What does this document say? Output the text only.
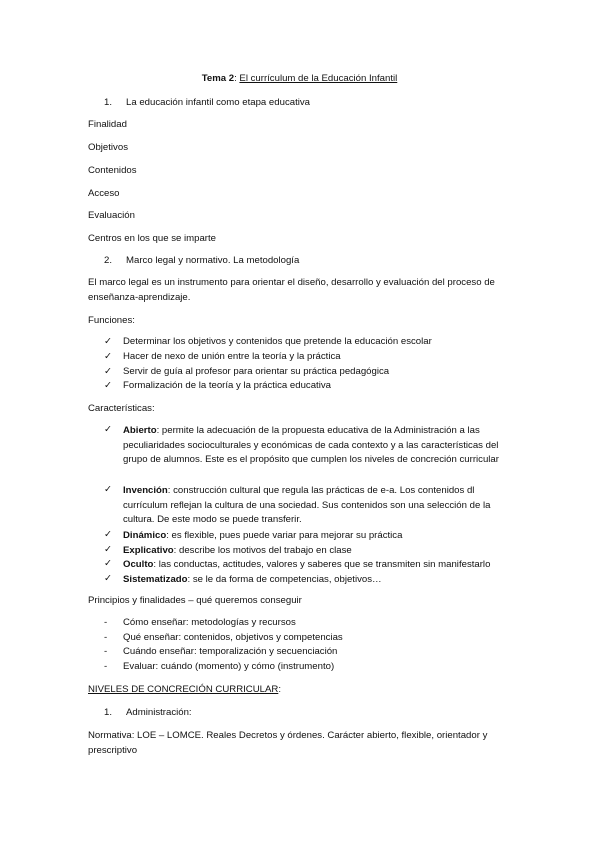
Tema 2: El currículum de la Educación Infantil
1. La educación infantil como etapa educativa
Finalidad
Objetivos
Contenidos
Acceso
Evaluación
Centros en los que se imparte
2. Marco legal y normativo. La metodología
El marco legal es un instrumento para orientar el diseño, desarrollo y evaluación del proceso de enseñanza-aprendizaje.
Funciones:
✓	Determinar los objetivos y contenidos que pretende la educación escolar
✓	Hacer de nexo de unión entre la teoría y la práctica
✓	Servir de guía al profesor para orientar su práctica pedagógica
✓	Formalización de la teoría y la práctica educativa
Características:
✓	Abierto: permite la adecuación de la propuesta educativa de la Administración a las peculiaridades socioculturales y económicas de cada contexto y a las características del grupo de alumnos. Este es el propósito que cumplen los niveles de concreción curricular
✓	Invención: construcción cultural que regula las prácticas de e-a. Los contenidos dl currículum reflejan la cultura de una sociedad. Sus contenidos son una selección de la cultura. De este modo se puede transferir.
✓	Dinámico: es flexible, pues puede variar para mejorar su práctica
✓	Explicativo: describe los motivos del trabajo en clase
✓	Oculto: las conductas, actitudes, valores y saberes que se transmiten sin manifestarlo
✓	Sistematizado: se le da forma de competencias, objetivos…
Principios y finalidades – qué queremos conseguir
- Cómo enseñar: metodologías y recursos
- Qué enseñar: contenidos, objetivos y competencias
- Cuándo enseñar: temporalización y secuenciación
- Evaluar: cuándo (momento) y cómo (instrumento)
NIVELES DE CONCRECIÓN CURRICULAR:
1. Administración:
Normativa: LOE – LOMCE. Reales Decretos y órdenes. Carácter abierto, flexible, orientador y prescriptivo
